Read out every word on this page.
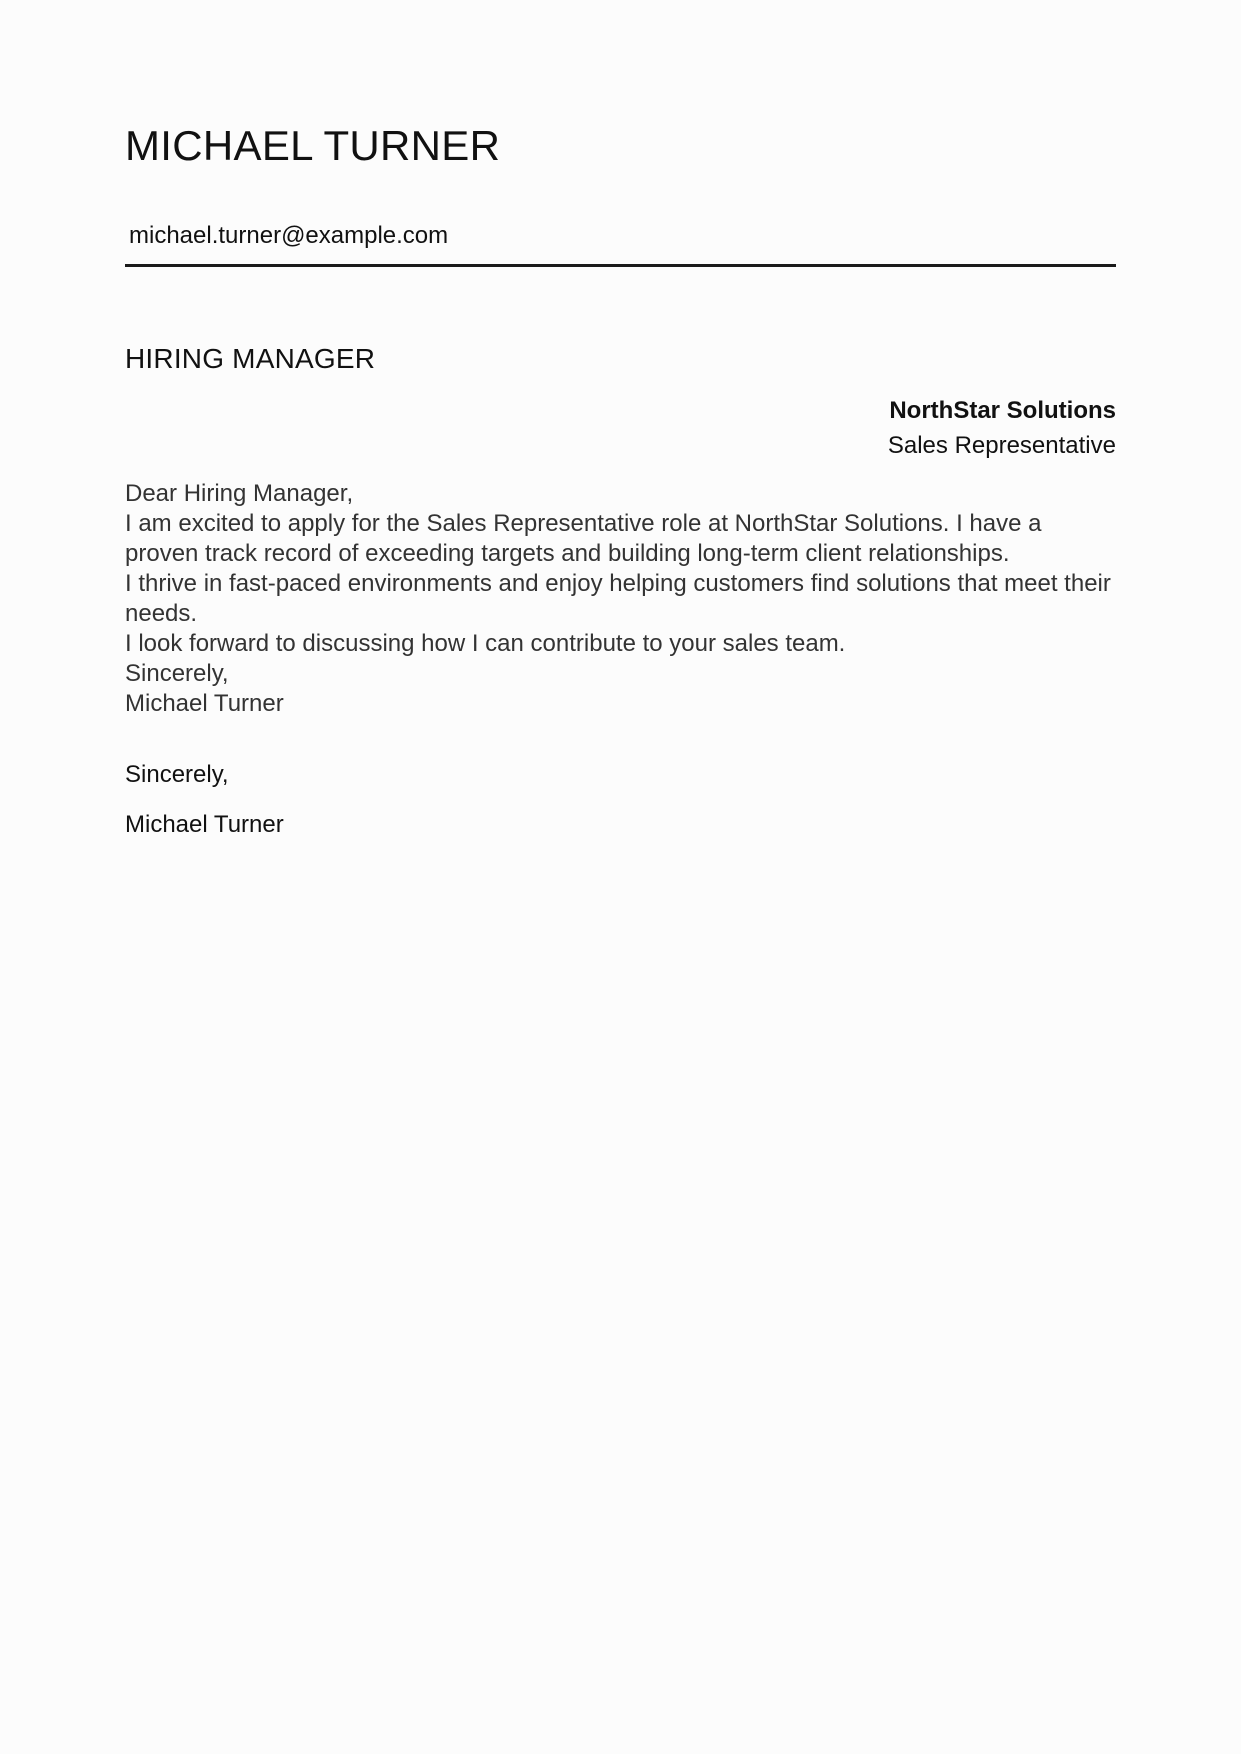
MICHAEL TURNER
michael.turner@example.com
HIRING MANAGER
NorthStar Solutions
Sales Representative
Dear Hiring Manager,
I am excited to apply for the Sales Representative role at NorthStar Solutions. I have a proven track record of exceeding targets and building long-term client relationships.
I thrive in fast-paced environments and enjoy helping customers find solutions that meet their needs.
I look forward to discussing how I can contribute to your sales team.
Sincerely,
Michael Turner
Sincerely,
Michael Turner
